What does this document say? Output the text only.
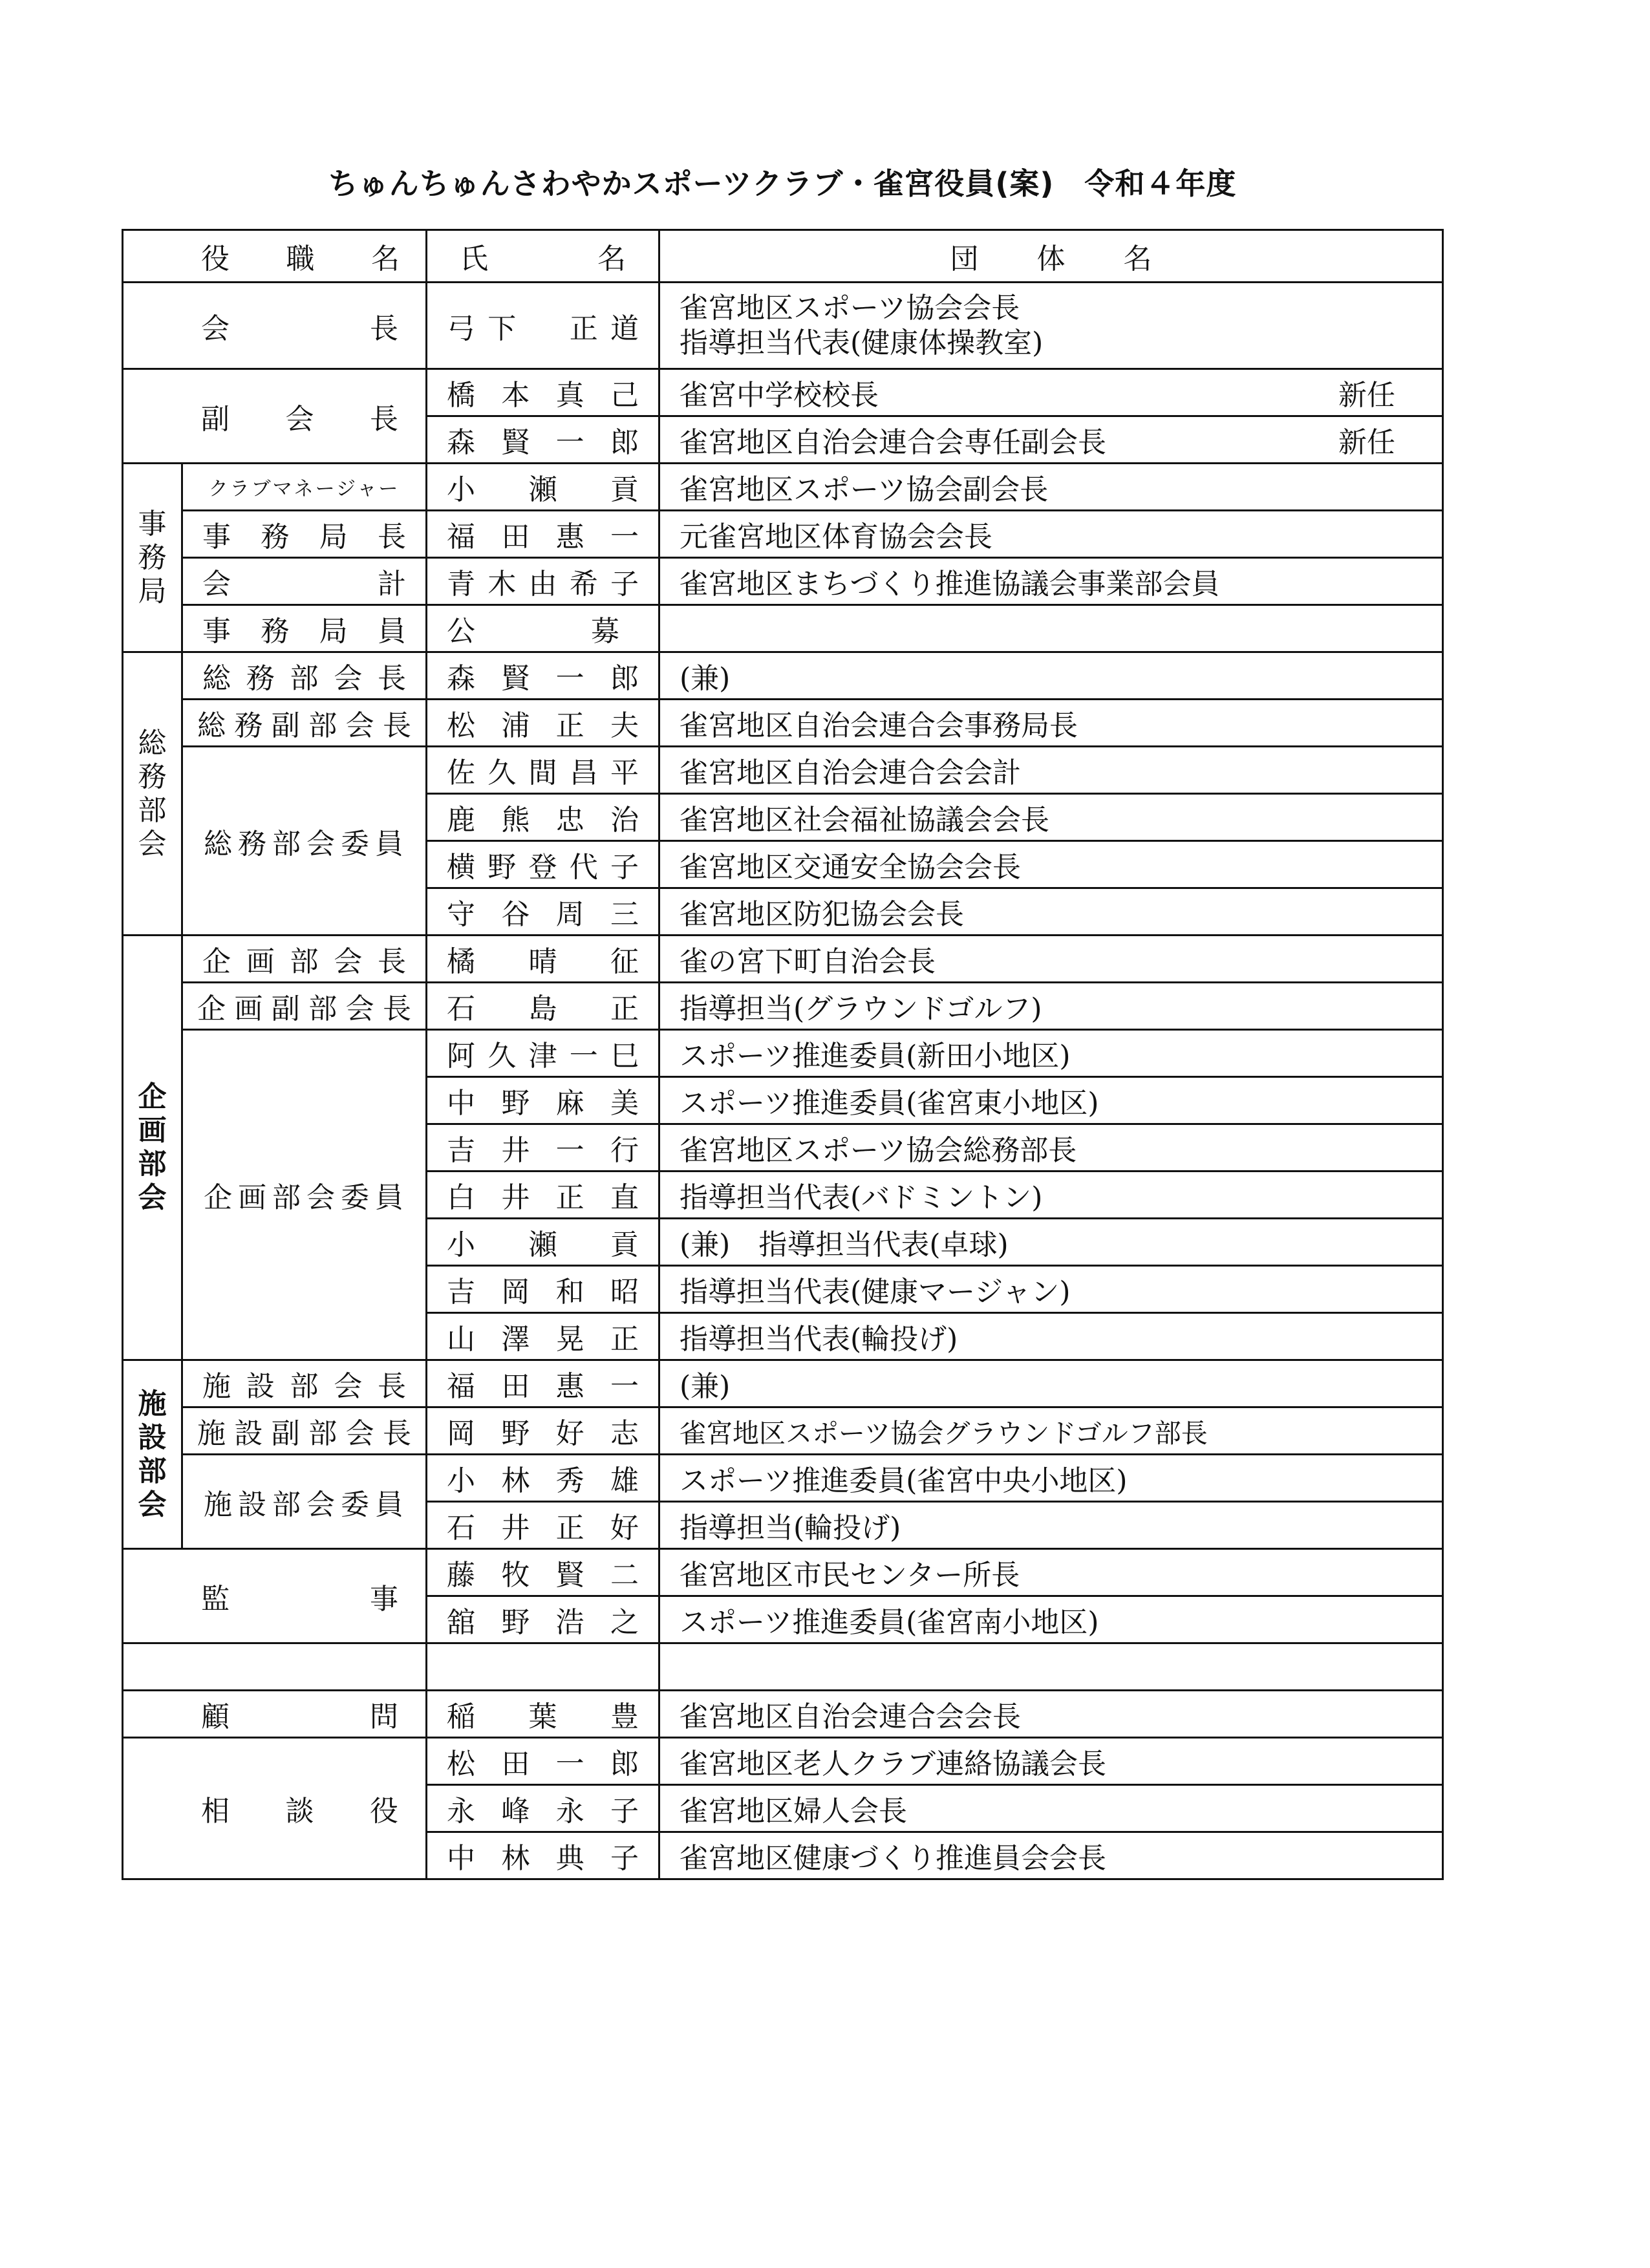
ちゅんちゅんさわやかスポーツクラブ・雀宮役員(案)　令和４年度
役職名		氏名	団体名
会長		弓下　正道	雀宮地区スポーツ協会会長
指導担当代表(健康体操教室)

副会長		橋本真己	雀宮中学校校長 新任

		森賢一郎	雀宮地区自治会連合会専任副会長 新任

事
務
局	クラブマネージャー	小瀬貢	雀宮地区スポーツ協会副会長
	事務局長	福田惠一	元雀宮地区体育協会会長
	会計	青木由希子	雀宮地区まちづくり推進協議会事業部会員
	事務局員	公募	

総
務
部
会	総務部会長	森賢一郎	(兼)
	総務副部会長	松浦正夫	雀宮地区自治会連合会事務局長
	総務部会委員	佐久間昌平	雀宮地区自治会連合会会計
		鹿熊忠治	雀宮地区社会福祉協議会会長
		横野登代子	雀宮地区交通安全協会会長
		守谷周三	雀宮地区防犯協会会長

企
画
部
会	企画部会長	橘晴征	雀の宮下町自治会長
	企画副部会長	石島正	指導担当(グラウンドゴルフ)
	企画部会委員	阿久津一巳	スポーツ推進委員(新田小地区)
		中野麻美	スポーツ推進委員(雀宮東小地区)
		吉井一行	雀宮地区スポーツ協会総務部長
		白井正直	指導担当代表(バドミントン)
		小瀬貢	(兼)　指導担当代表(卓球)
		吉岡和昭	指導担当代表(健康マージャン)
		山澤晃正	指導担当代表(輪投げ)

施
設
部
会	施設部会長	福田惠一	(兼)
	施設副部会長	岡野好志	雀宮地区スポーツ協会グラウンドゴルフ部長
	施設部会委員	小林秀雄	スポーツ推進委員(雀宮中央小地区)
		石井正好	指導担当(輪投げ)
監事		藤牧賢二	雀宮地区市民センター所長
		舘野浩之	スポーツ推進委員(雀宮南小地区)

顧問		稲葉豊	雀宮地区自治会連合会会長
相談役		松田一郎	雀宮地区老人クラブ連絡協議会長
		永峰永子	雀宮地区婦人会長
		中林典子	雀宮地区健康づくり推進員会会長
